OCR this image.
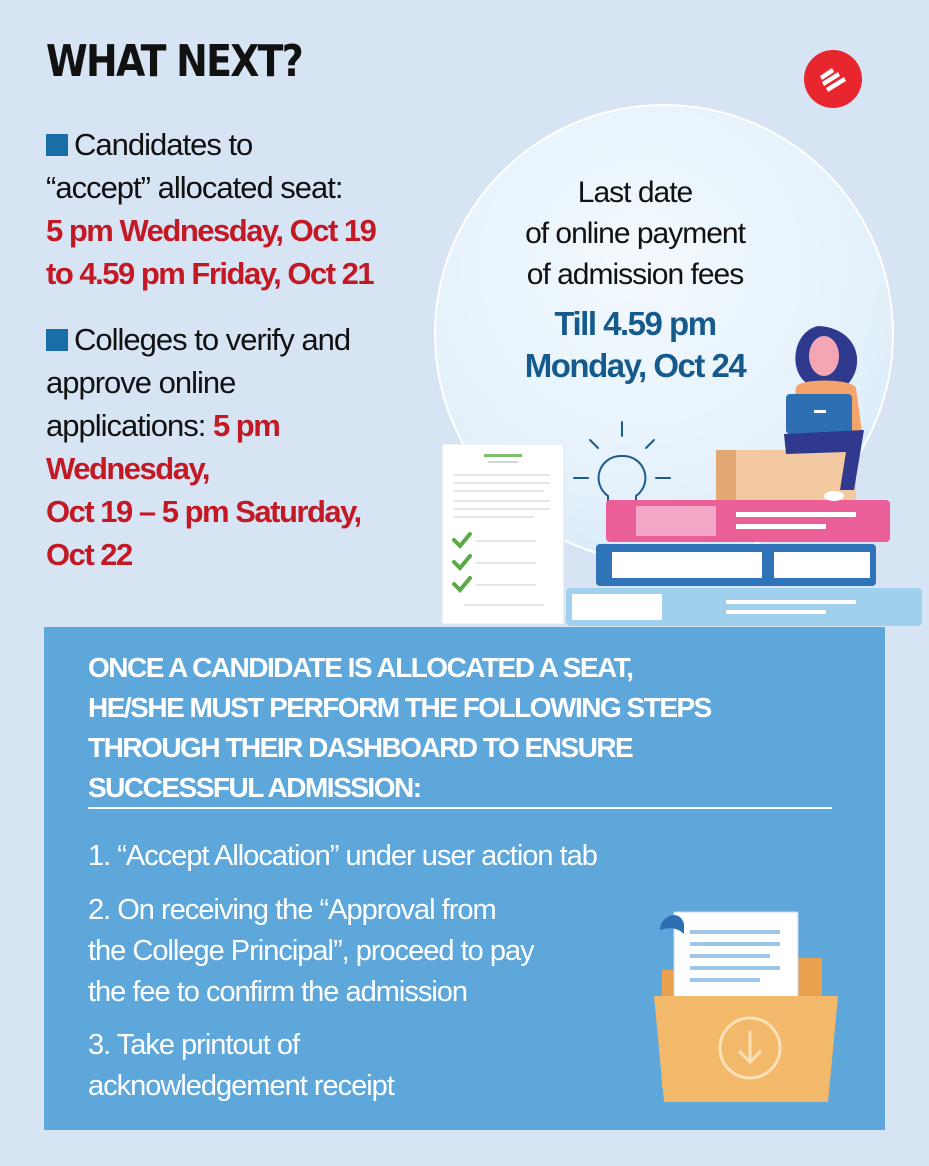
WHAT NEXT?
Candidates to
“accept” allocated seat:
5 pm Wednesday, Oct 19
to 4.59 pm Friday, Oct 21
Colleges to verify and
approve online
applications: 5 pm
Wednesday,
Oct 19 – 5 pm Saturday,
Oct 22
Last date
of online payment
of admission fees
Till 4.59 pm
Monday, Oct 24
ONCE A CANDIDATE IS ALLOCATED A SEAT,
HE/SHE MUST PERFORM THE FOLLOWING STEPS
THROUGH THEIR DASHBOARD TO ENSURE
SUCCESSFUL ADMISSION:
1. “Accept Allocation” under user action tab
2. On receiving the “Approval from
the College Principal”, proceed to pay
the fee to confirm the admission
3. Take printout of
acknowledgement receipt
